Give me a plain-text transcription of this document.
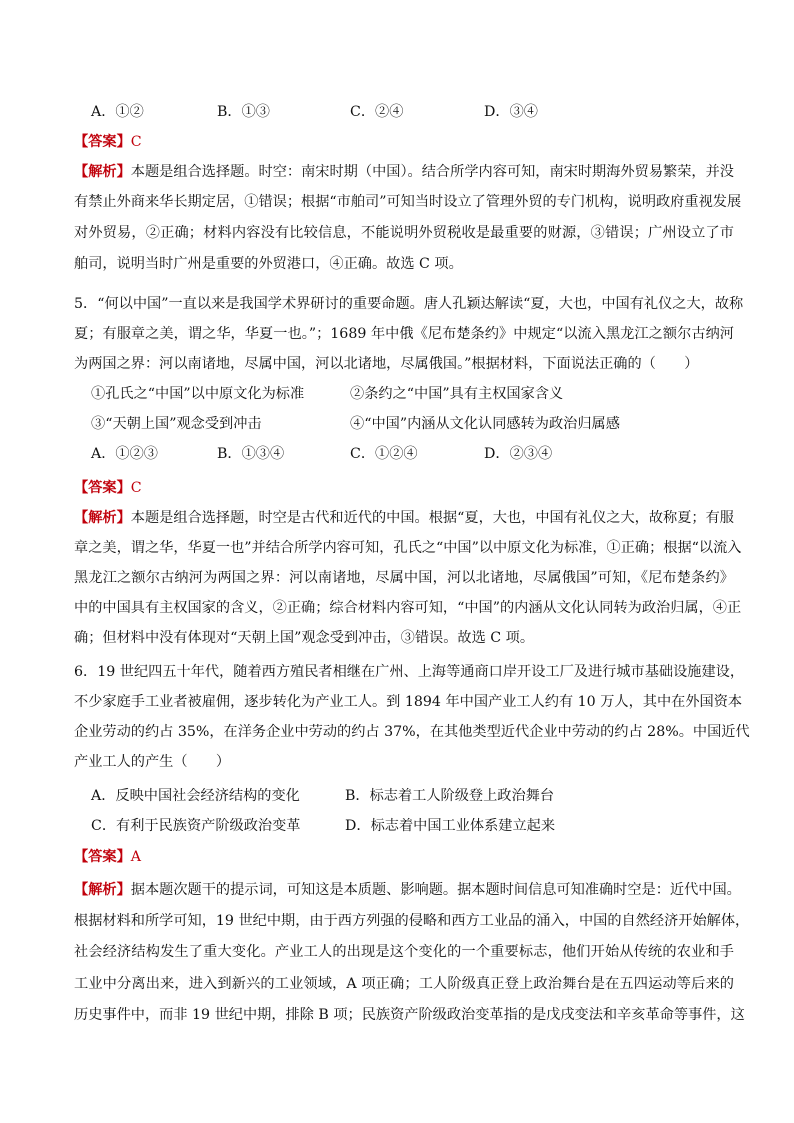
A．①②	B．①③	C．②④	D．③④
【答案】C
【解析】本题是组合选择题。时空：南宋时期（中国）。结合所学内容可知，南宋时期海外贸易繁荣，并没
有禁止外商来华长期定居，①错误；根据“市舶司”可知当时设立了管理外贸的专门机构，说明政府重视发展
对外贸易，②正确；材料内容没有比较信息，不能说明外贸税收是最重要的财源，③错误；广州设立了市
舶司，说明当时广州是重要的外贸港口，④正确。故选 C 项。
5．“何以中国”一直以来是我国学术界研讨的重要命题。唐人孔颖达解读“夏，大也，中国有礼仪之大，故称
夏；有服章之美，谓之华，华夏一也。”；1689 年中俄《尼布楚条约》中规定“以流入黑龙江之额尔古纳河
为两国之界：河以南诸地，尽属中国，河以北诸地，尽属俄国。”根据材料，下面说法正确的（　　）
①孔氏之“中国”以中原文化为标准	②条约之“中国”具有主权国家含义
③“天朝上国”观念受到冲击	④“中国”内涵从文化认同感转为政治归属感
A．①②③	B．①③④	C．①②④	D．②③④
【答案】C
【解析】本题是组合选择题，时空是古代和近代的中国。根据“夏，大也，中国有礼仪之大，故称夏；有服
章之美，谓之华，华夏一也”并结合所学内容可知，孔氏之“中国”以中原文化为标准，①正确；根据“以流入
黑龙江之额尔古纳河为两国之界：河以南诸地，尽属中国，河以北诸地，尽属俄国”可知，《尼布楚条约》
中的中国具有主权国家的含义，②正确；综合材料内容可知，“中国”的内涵从文化认同转为政治归属，④正
确；但材料中没有体现对“天朝上国”观念受到冲击，③错误。故选 C 项。
6．19 世纪四五十年代，随着西方殖民者相继在广州、上海等通商口岸开设工厂及进行城市基础设施建设，
不少家庭手工业者被雇佣，逐步转化为产业工人。到 1894 年中国产业工人约有 10 万人，其中在外国资本
企业劳动的约占 35%，在洋务企业中劳动的约占 37%，在其他类型近代企业中劳动的约占 28%。中国近代
产业工人的产生（　　）
A．反映中国社会经济结构的变化	B．标志着工人阶级登上政治舞台
C．有利于民族资产阶级政治变革	D．标志着中国工业体系建立起来
【答案】A
【解析】据本题次题干的提示词，可知这是本质题、影响题。据本题时间信息可知准确时空是：近代中国。
根据材料和所学可知，19 世纪中期，由于西方列强的侵略和西方工业品的涌入，中国的自然经济开始解体，
社会经济结构发生了重大变化。产业工人的出现是这个变化的一个重要标志，他们开始从传统的农业和手
工业中分离出来，进入到新兴的工业领域，A 项正确；工人阶级真正登上政治舞台是在五四运动等后来的
历史事件中，而非 19 世纪中期，排除 B 项；民族资产阶级政治变革指的是戊戌变法和辛亥革命等事件，这
